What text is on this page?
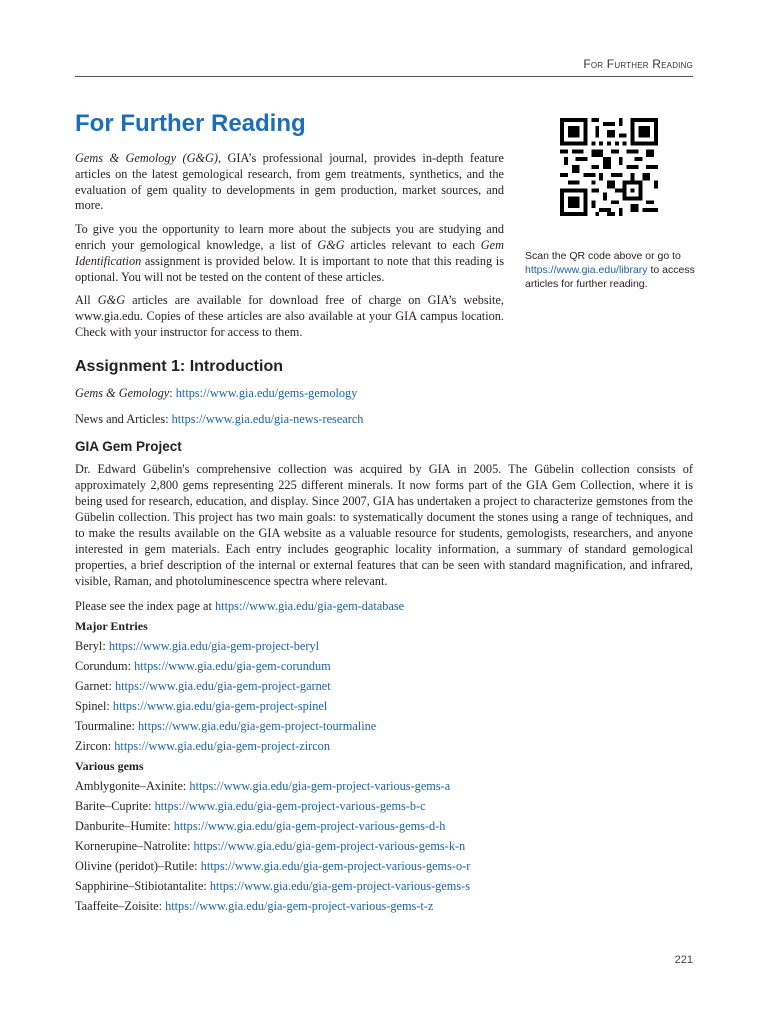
For Further Reading
For Further Reading

Gems & Gemology (G&G), GIA’s professional journal, provides in-depth feature articles on the latest gemological research, from gem treatments, synthetics, and the evaluation of gem quality to developments in gem production, market sources, and more.

To give you the opportunity to learn more about the subjects you are studying and enrich your gemological knowledge, a list of G&G articles relevant to each Gem Identification assignment is provided below. It is important to note that this reading is optional. You will not be tested on the content of these articles.

All G&G articles are available for download free of charge on GIA’s website, www.gia.edu. Copies of these articles are also available at your GIA campus location. Check with your instructor for access to them.

Scan the QR code above or go to https://www.gia.edu/library to access articles for further reading.
Assignment 1: Introduction

Gems & Gemology: https://www.gia.edu/gems-gemology

News and Articles: https://www.gia.edu/gia-news-research

GIA Gem Project

Dr. Edward Gübelin's comprehensive collection was acquired by GIA in 2005. The Gübelin collection consists of approximately 2,800 gems representing 225 different minerals. It now forms part of the GIA Gem Collection, where it is being used for research, education, and display. Since 2007, GIA has undertaken a project to characterize gemstones from the Gübelin collection. This project has two main goals: to systematically document the stones using a range of techniques, and to make the results available on the GIA website as a valuable resource for students, gemologists, researchers, and anyone interested in gem materials. Each entry includes geographic locality information, a summary of standard gemological properties, a brief description of the internal or external features that can be seen with standard magnification, and infrared, visible, Raman, and photoluminescence spectra where relevant.

Please see the index page at https://www.gia.edu/gia-gem-database

Major Entries

Beryl: https://www.gia.edu/gia-gem-project-beryl

Corundum: https://www.gia.edu/gia-gem-corundum

Garnet: https://www.gia.edu/gia-gem-project-garnet

Spinel: https://www.gia.edu/gia-gem-project-spinel

Tourmaline: https://www.gia.edu/gia-gem-project-tourmaline

Zircon: https://www.gia.edu/gia-gem-project-zircon

Various gems

Amblygonite–Axinite: https://www.gia.edu/gia-gem-project-various-gems-a

Barite–Cuprite: https://www.gia.edu/gia-gem-project-various-gems-b-c

Danburite–Humite: https://www.gia.edu/gia-gem-project-various-gems-d-h

Kornerupine–Natrolite: https://www.gia.edu/gia-gem-project-various-gems-k-n

Olivine (peridot)–Rutile: https://www.gia.edu/gia-gem-project-various-gems-o-r

Sapphirine–Stibiotantalite: https://www.gia.edu/gia-gem-project-various-gems-s

Taaffeite–Zoisite: https://www.gia.edu/gia-gem-project-various-gems-t-z

221
